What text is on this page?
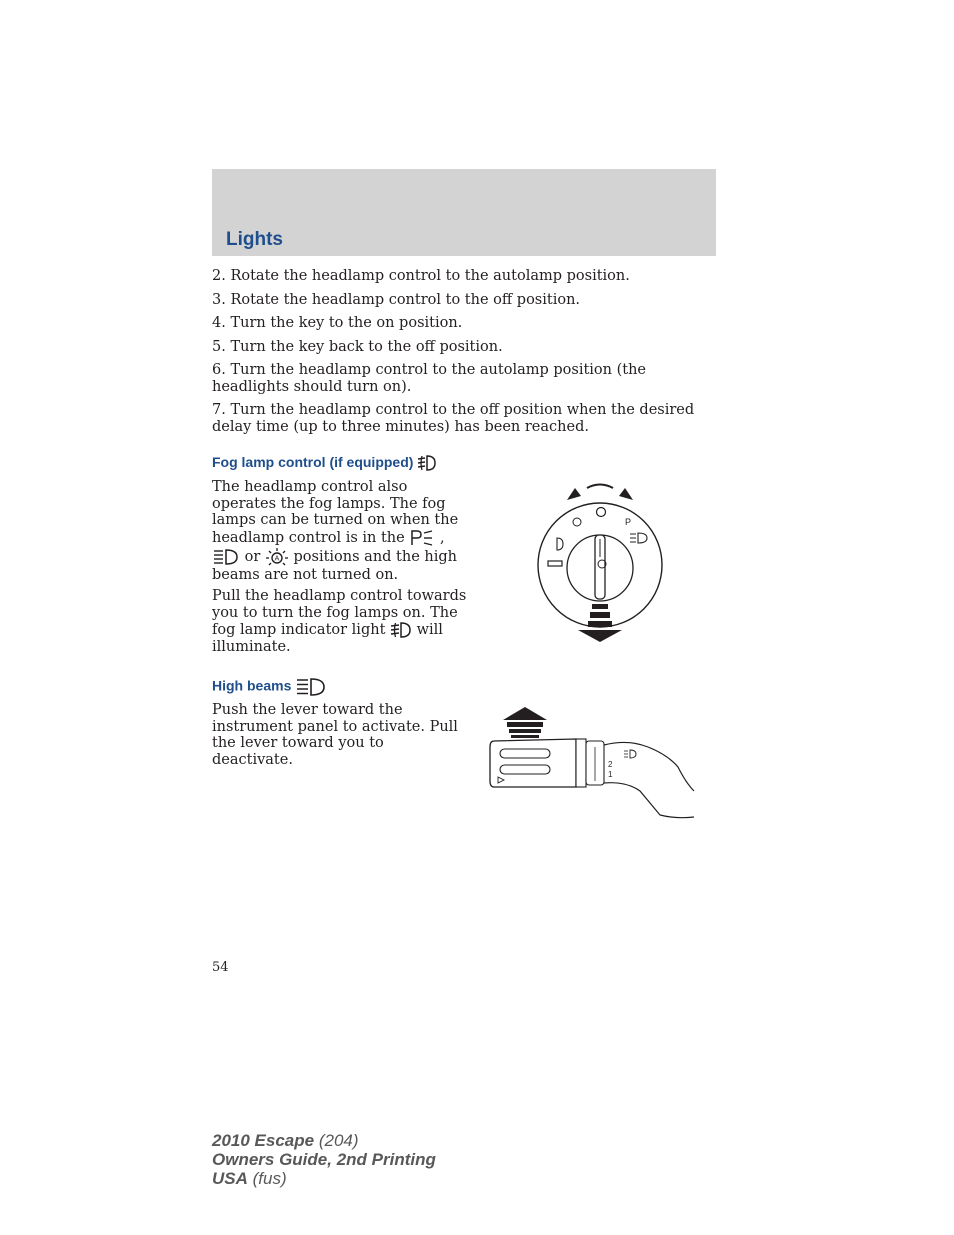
Lights

2. Rotate the headlamp control to the autolamp position.

3. Rotate the headlamp control to the off position.

4. Turn the key to the on position.

5. Turn the key back to the off position.

6. Turn the headlamp control to the autolamp position (the headlights should turn on).

7. Turn the headlamp control to the off position when the desired delay time (up to three minutes) has been reached.

Fog lamp control (if equipped)

The headlamp control also operates the fog lamps. The fog lamps can be turned on when the headlamp control is in the ,  or A positions and the high beams are not turned on.

Pull the headlamp control towards you to turn the fog lamps on. The fog lamp indicator light will illuminate.

P
High beams

Push the lever toward the instrument panel to activate. Pull the lever toward you to deactivate.	2
1
54
2010 Escape (204)
Owners Guide, 2nd Printing
USA (fus)
